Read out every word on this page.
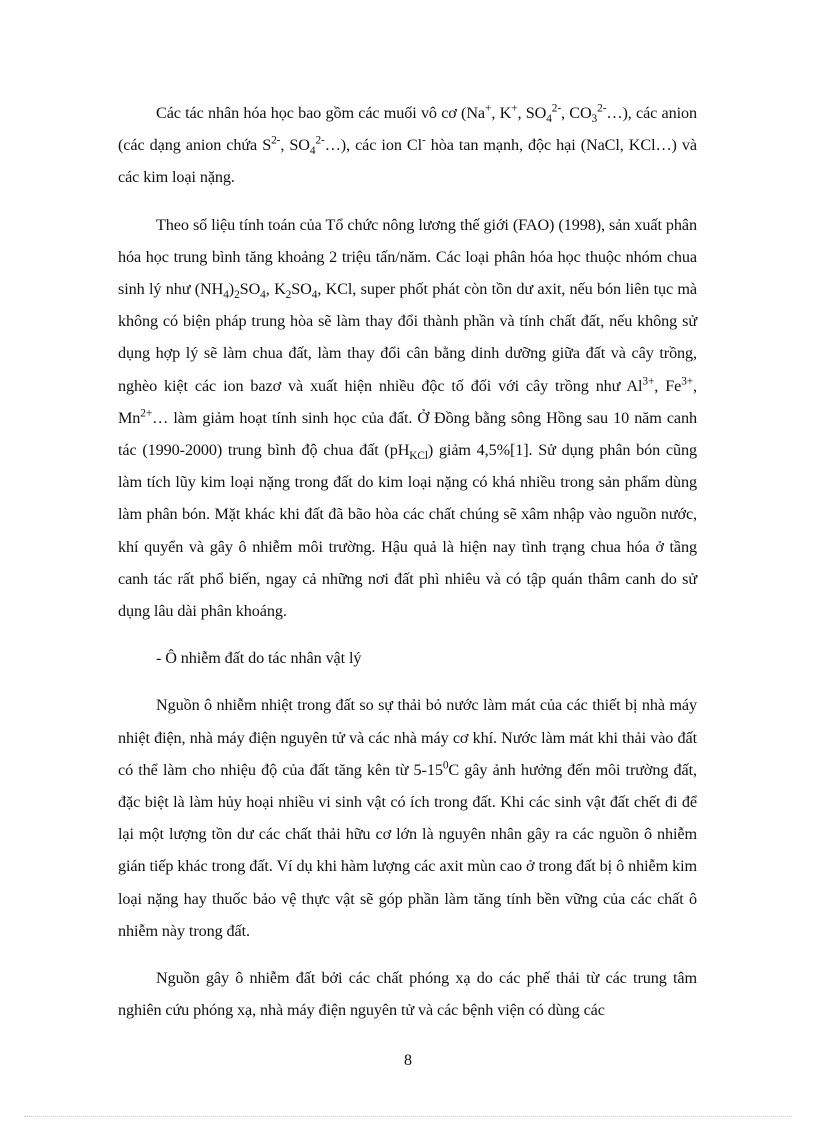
Các tác nhân hóa học bao gồm các muối vô cơ (Na+, K+, $SO_4^{2-}$, $CO_3^{2-}\dots$), các anion (các dạng anion chứa $S^{2-}$, $SO_4^{2-}\dots$), các ion Cl- hòa tan mạnh, độc hại (NaCl, KCl…) và các kim loại nặng.

Theo số liệu tính toán của Tổ chức nông lương thế giới (FAO) (1998), sản xuất phân hóa học trung bình tăng khoảng 2 triệu tấn/năm. Các loại phân hóa học thuộc nhóm chua sinh lý như $(NH_4)_2SO_4$, $K_2SO_4$, KCl, super phốt phát còn tồn dư axit, nếu bón liên tục mà không có biện pháp trung hòa sẽ làm thay đổi thành phần và tính chất đất, nếu không sử dụng hợp lý sẽ làm chua đất, làm thay đổi cân bằng dinh dưỡng giữa đất và cây trồng, nghèo kiệt các ion bazơ và xuất hiện nhiều độc tố đối với cây trồng như $Al^{3+}$, $Fe^{3+}$, $Mn^{2+}\dots$ làm giảm hoạt tính sinh học của đất. Ở Đồng bằng sông Hồng sau 10 năm canh tác (1990-2000) trung bình độ chua đất $(pH_{KCl})$ giảm 4,5%[1]. Sử dụng phân bón cũng làm tích lũy kim loại nặng trong đất do kim loại nặng có khá nhiều trong sản phẩm dùng làm phân bón. Mặt khác khi đất đã bão hòa các chất chúng sẽ xâm nhập vào nguồn nước, khí quyển và gây ô nhiễm môi trường. Hậu quả là hiện nay tình trạng chua hóa ở tầng canh tác rất phổ biến, ngay cả những nơi đất phì nhiêu và có tập quán thâm canh do sử dụng lâu dài phân khoáng.

- Ô nhiễm đất do tác nhân vật lý

Nguồn ô nhiễm nhiệt trong đất so sự thải bỏ nước làm mát của các thiết bị nhà máy nhiệt điện, nhà máy điện nguyên tử và các nhà máy cơ khí. Nước làm mát khi thải vào đất có thể làm cho nhiệu độ của đất tăng kên từ $5-15^0C$ gây ảnh hưởng đến môi trường đất, đặc biệt là làm hủy hoại nhiều vi sinh vật có ích trong đất. Khi các sinh vật đất chết đi để lại một lượng tồn dư các chất thải hữu cơ lớn là nguyên nhân gây ra các nguồn ô nhiễm gián tiếp khác trong đất. Ví dụ khi hàm lượng các axit mùn cao ở trong đất bị ô nhiễm kim loại nặng hay thuốc bảo vệ thực vật sẽ góp phần làm tăng tính bền vững của các chất ô nhiễm này trong đất.

Nguồn gây ô nhiễm đất bởi các chất phóng xạ do các phế thải từ các trung tâm nghiên cứu phóng xạ, nhà máy điện nguyên tử và các bệnh viện có dùng các

8
